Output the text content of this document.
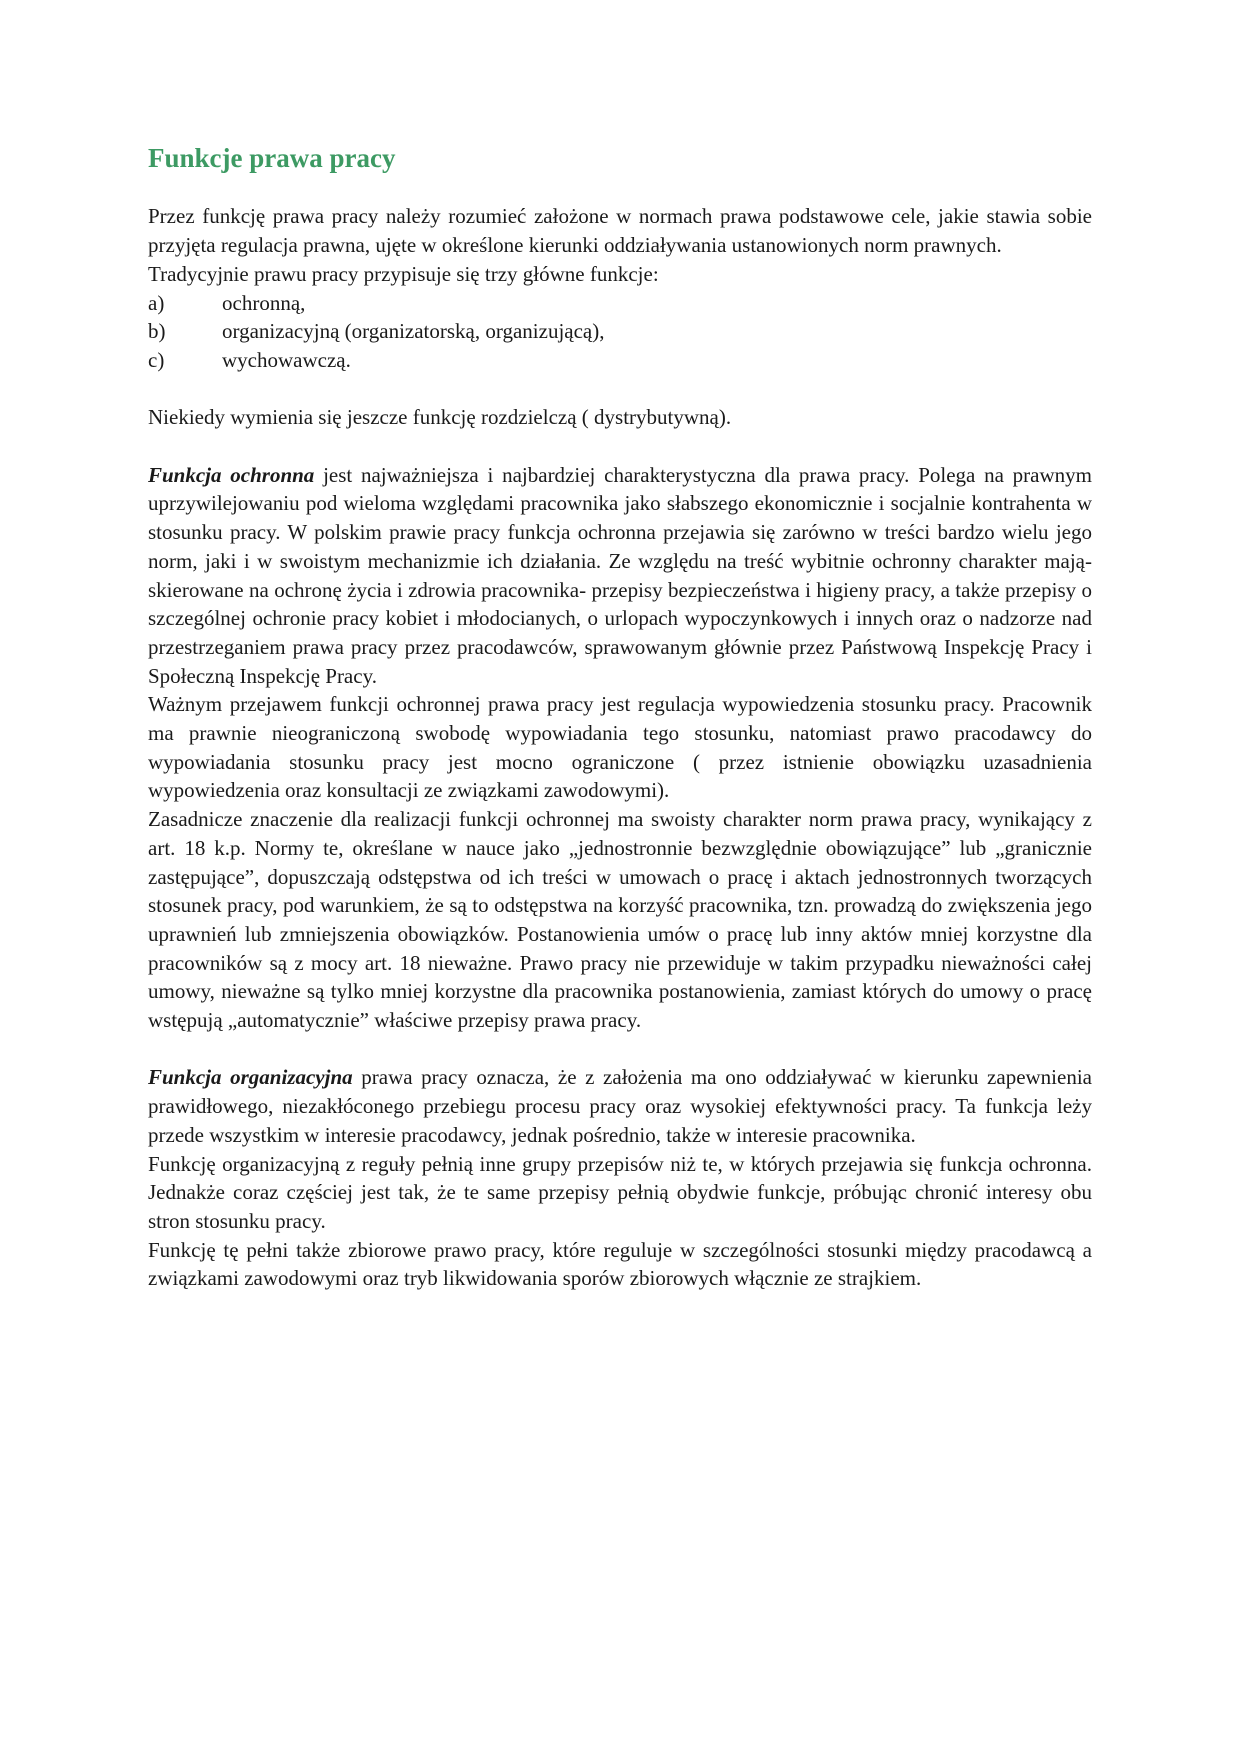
Funkcje prawa pracy

Przez funkcję prawa pracy należy rozumieć założone w normach prawa podstawowe cele, jakie stawia sobie przyjęta regulacja prawna, ujęte w określone kierunki oddziaływania ustanowionych norm prawnych.

Tradycyjnie prawu pracy przypisuje się trzy główne funkcje:

a)	ochronną,
b)	organizacyjną (organizatorską, organizującą),
c)	wychowawczą.

Niekiedy wymienia się jeszcze funkcję rozdzielczą ( dystrybutywną).

Funkcja ochronna jest najważniejsza i najbardziej charakterystyczna dla prawa pracy. Polega na prawnym uprzywilejowaniu pod wieloma względami pracownika jako słabszego ekonomicznie i socjalnie kontrahenta w stosunku pracy. W polskim prawie pracy funkcja ochronna przejawia się zarówno w treści bardzo wielu jego norm, jaki i w swoistym mechanizmie ich działania. Ze względu na treść wybitnie ochronny charakter mają- skierowane na ochronę życia i zdrowia pracownika- przepisy bezpieczeństwa i higieny pracy, a także przepisy o szczególnej ochronie pracy kobiet i młodocianych, o urlopach wypoczynkowych i innych oraz o nadzorze nad przestrzeganiem prawa pracy przez pracodawców, sprawowanym głównie przez Państwową Inspekcję Pracy i Społeczną Inspekcję Pracy.

Ważnym przejawem funkcji ochronnej prawa pracy jest regulacja wypowiedzenia stosunku pracy. Pracownik ma prawnie nieograniczoną swobodę wypowiadania tego stosunku, natomiast prawo pracodawcy do wypowiadania stosunku pracy jest mocno ograniczone ( przez istnienie obowiązku uzasadnienia wypowiedzenia oraz konsultacji ze związkami zawodowymi).

Zasadnicze znaczenie dla realizacji funkcji ochronnej ma swoisty charakter norm prawa pracy, wynikający z art. 18 k.p. Normy te, określane w nauce jako „jednostronnie bezwzględnie obowiązujące” lub „granicznie zastępujące”, dopuszczają odstępstwa od ich treści w umowach o pracę i aktach jednostronnych tworzących stosunek pracy, pod warunkiem, że są to odstępstwa na korzyść pracownika, tzn. prowadzą do zwiększenia jego uprawnień lub zmniejszenia obowiązków. Postanowienia umów o pracę lub inny aktów mniej korzystne dla pracowników są z mocy art. 18 nieważne. Prawo pracy nie przewiduje w takim przypadku nieważności całej umowy, nieważne są tylko mniej korzystne dla pracownika postanowienia, zamiast których do umowy o pracę wstępują „automatycznie” właściwe przepisy prawa pracy.

Funkcja organizacyjna prawa pracy oznacza, że z założenia ma ono oddziaływać w kierunku zapewnienia prawidłowego, niezakłóconego przebiegu procesu pracy oraz wysokiej efektywności pracy. Ta funkcja leży przede wszystkim w interesie pracodawcy, jednak pośrednio, także w interesie pracownika.

Funkcję organizacyjną z reguły pełnią inne grupy przepisów niż te, w których przejawia się funkcja ochronna. Jednakże coraz częściej jest tak, że te same przepisy pełnią obydwie funkcje, próbując chronić interesy obu stron stosunku pracy.

Funkcję tę pełni także zbiorowe prawo pracy, które reguluje w szczególności stosunki między pracodawcą a związkami zawodowymi oraz tryb likwidowania sporów zbiorowych włącznie ze strajkiem.
